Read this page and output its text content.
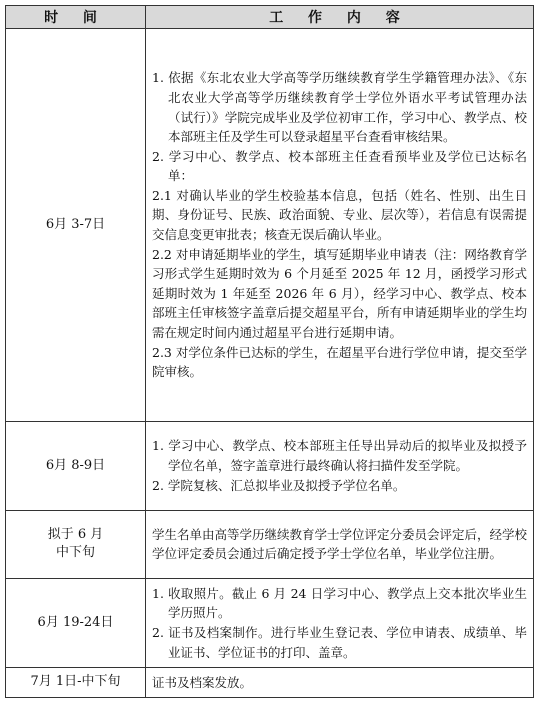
时 间	工 作 内 容

6月 3-7日	1. 依据《东北农业大学高等学历继续教育学生学籍管理办法》、《东北农业大学高等学历继续教育学士学位外语水平考试管理办法（试行）》学院完成毕业及学位初审工作，学习中心、教学点、校本部班主任及学生可以登录超星平台查看审核结果。
2. 学习中心、教学点、校本部班主任查看预毕业及学位已达标名单：
2.1 对确认毕业的学生校验基本信息，包括（姓名、性别、出生日期、身份证号、民族、政治面貌、专业、层次等），若信息有误需提交信息变更审批表；核查无误后确认毕业。
2.2 对申请延期毕业的学生，填写延期毕业申请表（注：网络教育学习形式学生延期时效为 6 个月延至 2025 年 12 月，函授学习形式延期时效为 1 年延至 2026 年 6 月），经学习中心、教学点、校本部班主任审核签字盖章后提交超星平台，所有申请延期毕业的学生均需在规定时间内通过超星平台进行延期申请。
2.3 对学位条件已达标的学生，在超星平台进行学位申请，提交至学院审核。

6月 8-9日	1. 学习中心、教学点、校本部班主任导出异动后的拟毕业及拟授予学位名单，签字盖章进行最终确认将扫描件发至学院。
2. 学院复核、汇总拟毕业及拟授予学位名单。

拟于 6 月
中下旬	学生名单由高等学历继续教育学士学位评定分委员会评定后，经学校学位评定委员会通过后确定授予学士学位名单，毕业学位注册。

6月 19-24日	1. 收取照片。截止 6 月 24 日学习中心、教学点上交本批次毕业生学历照片。
2. 证书及档案制作。进行毕业生登记表、学位申请表、成绩单、毕业证书、学位证书的打印、盖章。

7月 1日-中下旬	证书及档案发放。
